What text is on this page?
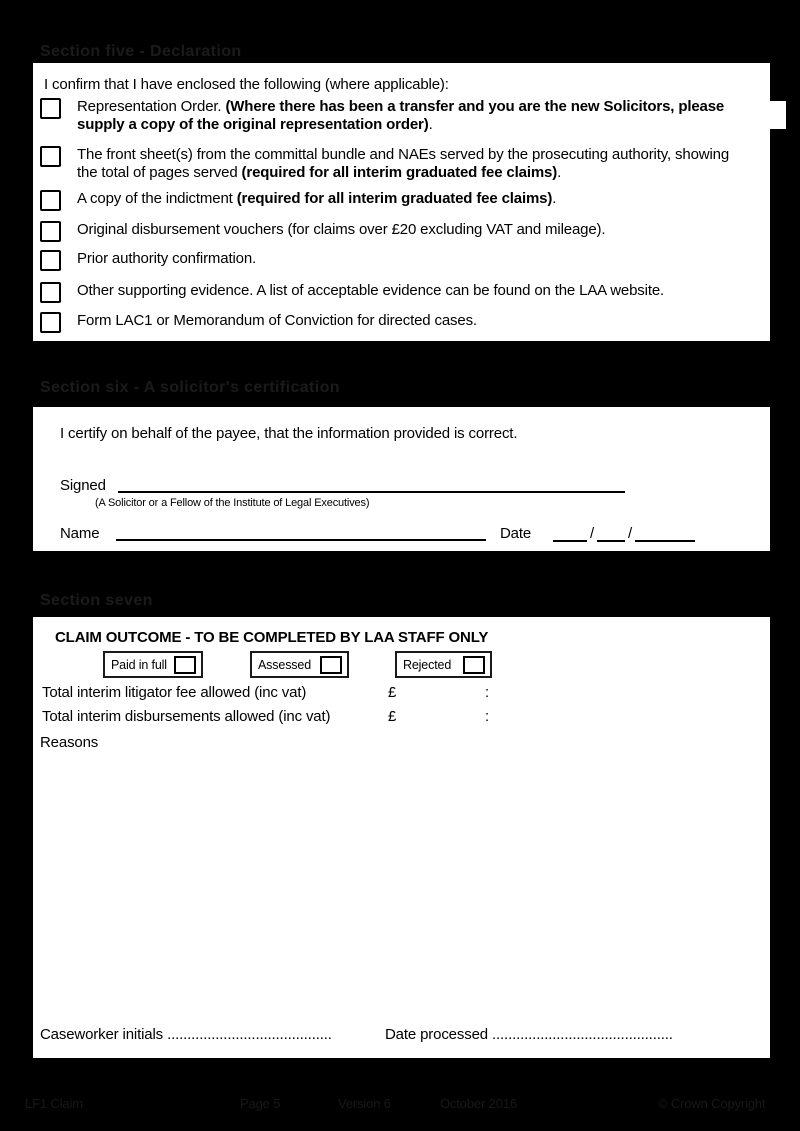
Section five - Declaration
Section six - A solicitor's certification
Section seven
I confirm that I have enclosed the following (where applicable):
Representation Order. (Where there has been a transfer and you are the new Solicitors, please supply a copy of the original representation order).
The front sheet(s) from the committal bundle and NAEs served by the prosecuting authority, showing the total of pages served (required for all interim graduated fee claims).
A copy of the indictment (required for all interim graduated fee claims).
Original disbursement vouchers (for claims over £20 excluding VAT and mileage).
Prior authority confirmation.
Other supporting evidence. A list of acceptable evidence can be found on the LAA website.
Form LAC1 or Memorandum of Conviction for directed cases.
I certify on behalf of the payee, that the information provided is correct.
Signed
(A Solicitor or a Fellow of the Institute of Legal Executives)
Name	Date	/ /
CLAIM OUTCOME - TO BE COMPLETED BY LAA STAFF ONLY
Paid in full	Assessed	Rejected
Total interim litigator fee allowed (inc vat)	£	:
Total interim disbursements allowed (inc vat)	£	:
Reasons
Caseworker initials .........................................	Date processed .............................................
LF1 Claim	Page 5	Version 6	October 2016	© Crown Copyright
